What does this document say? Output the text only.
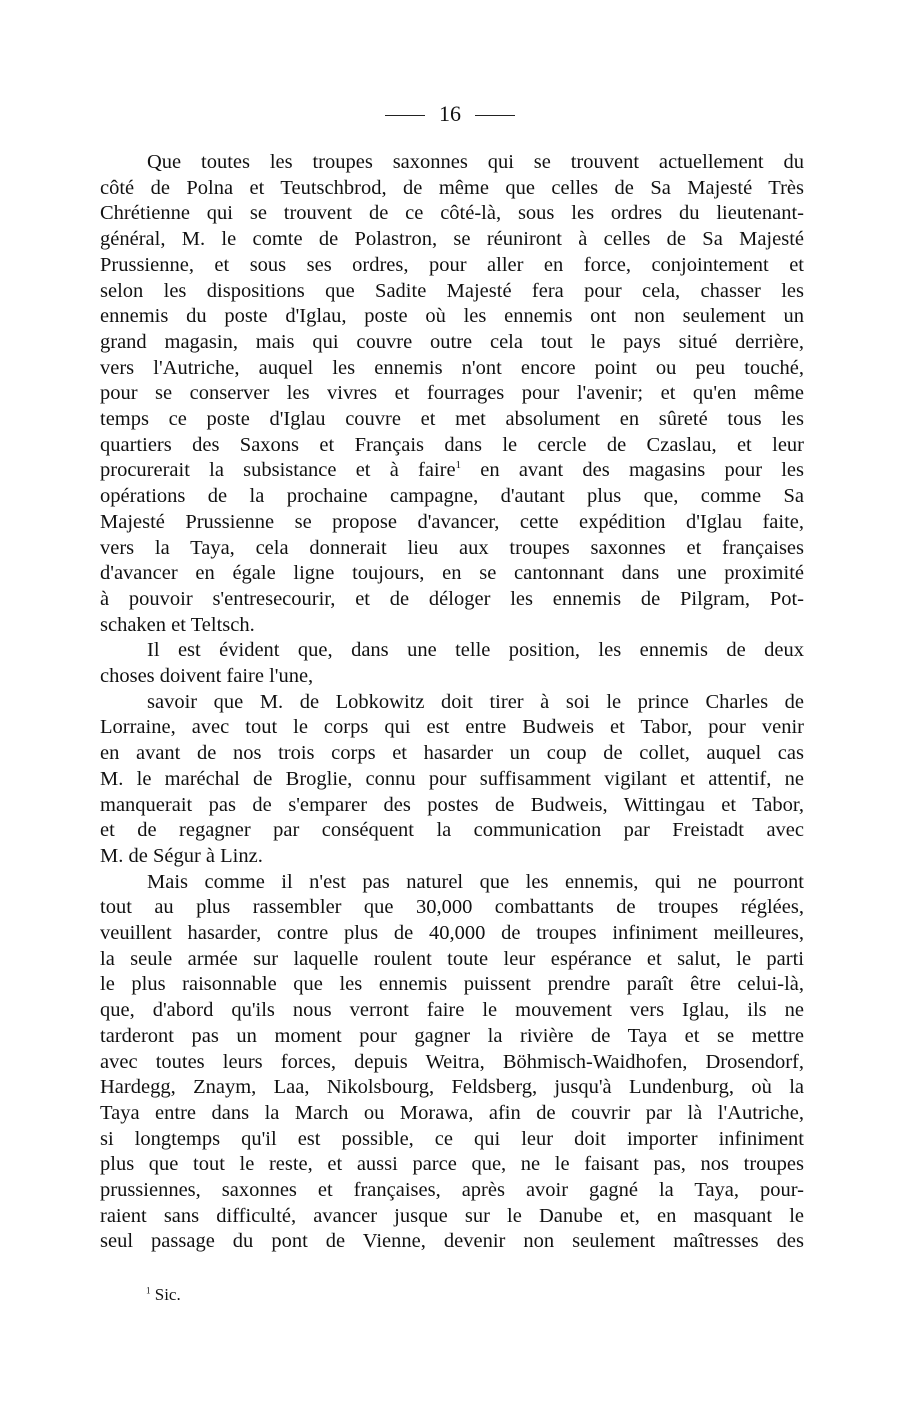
16

Que toutes les troupes saxonnes qui se trouvent actuellement du

côté de Polna et Teutschbrod, de même que celles de Sa Majesté Très

Chrétienne qui se trouvent de ce côté-là, sous les ordres du lieutenant-

général, M. le comte de Polastron, se réuniront à celles de Sa Majesté

Prussienne, et sous ses ordres, pour aller en force, conjointement et

selon les dispositions que Sadite Majesté fera pour cela, chasser les

ennemis du poste d'Iglau, poste où les ennemis ont non seulement un

grand magasin, mais qui couvre outre cela tout le pays situé derrière,

vers l'Autriche, auquel les ennemis n'ont encore point ou peu touché,

pour se conserver les vivres et fourrages pour l'avenir; et qu'en même

temps ce poste d'Iglau couvre et met absolument en sûreté tous les

quartiers des Saxons et Français dans le cercle de Czaslau, et leur

procurerait la subsistance et à faire$^1$ en avant des magasins pour les

opérations de la prochaine campagne, d'autant plus que, comme Sa

Majesté Prussienne se propose d'avancer, cette expédition d'Iglau faite,

vers la Taya, cela donnerait lieu aux troupes saxonnes et françaises

d'avancer en égale ligne toujours, en se cantonnant dans une proximité

à pouvoir s'entresecourir, et de déloger les ennemis de Pilgram, Pot-

schaken et Teltsch.

Il est évident que, dans une telle position, les ennemis de deux

choses doivent faire l'une,

savoir que M. de Lobkowitz doit tirer à soi le prince Charles de

Lorraine, avec tout le corps qui est entre Budweis et Tabor, pour venir

en avant de nos trois corps et hasarder un coup de collet, auquel cas

M. le maréchal de Broglie, connu pour suffisamment vigilant et attentif, ne

manquerait pas de s'emparer des postes de Budweis, Wittingau et Tabor,

et de regagner par conséquent la communication par Freistadt avec

M. de Ségur à Linz.

Mais comme il n'est pas naturel que les ennemis, qui ne pourront

tout au plus rassembler que 30,000 combattants de troupes réglées,

veuillent hasarder, contre plus de 40,000 de troupes infiniment meilleures,

la seule armée sur laquelle roulent toute leur espérance et salut, le parti

le plus raisonnable que les ennemis puissent prendre paraît être celui-là,

que, d'abord qu'ils nous verront faire le mouvement vers Iglau, ils ne

tarderont pas un moment pour gagner la rivière de Taya et se mettre

avec toutes leurs forces, depuis Weitra, Böhmisch-Waidhofen, Drosendorf,

Hardegg, Znaym, Laa, Nikolsbourg, Feldsberg, jusqu'à Lundenburg, où la

Taya entre dans la March ou Morawa, afin de couvrir par là l'Autriche,

si longtemps qu'il est possible, ce qui leur doit importer infiniment

plus que tout le reste, et aussi parce que, ne le faisant pas, nos troupes

prussiennes, saxonnes et françaises, après avoir gagné la Taya, pour-

raient sans difficulté, avancer jusque sur le Danube et, en masquant le

seul passage du pont de Vienne, devenir non seulement maîtresses des

$^1$ Sic.
